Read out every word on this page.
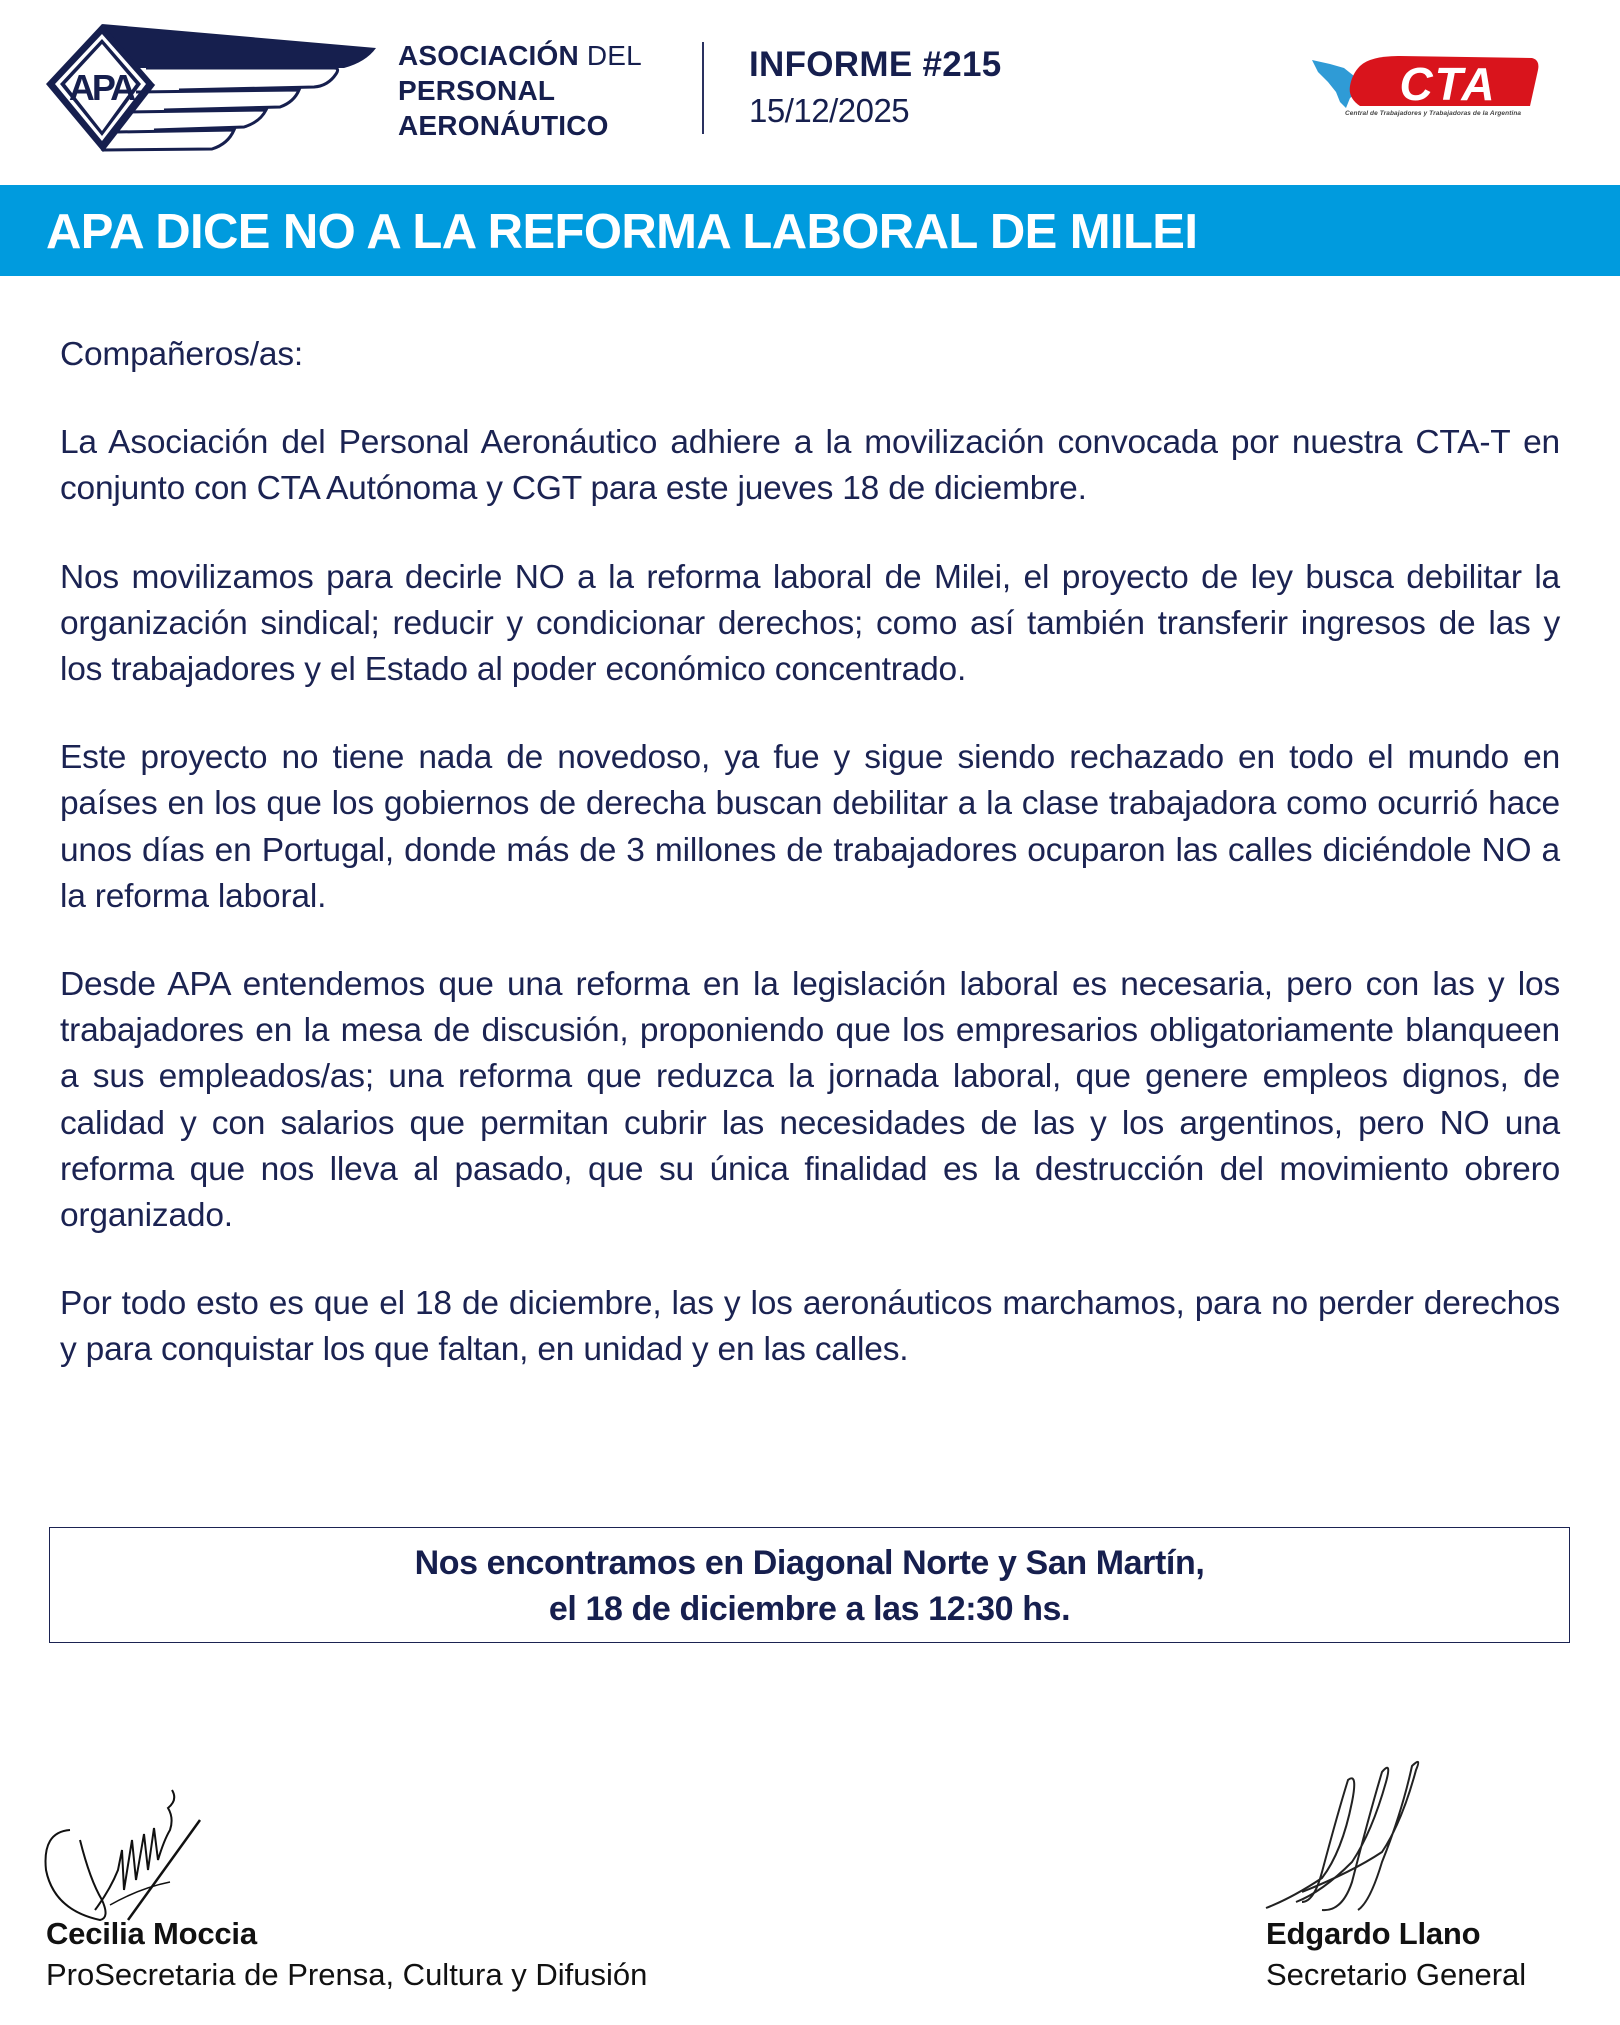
APA
ASOCIACIÓN DEL
PERSONAL
AERONÁUTICO
INFORME #215
15/12/2025
CTA
Central de Trabajadores y Trabajadoras de la Argentina
APA DICE NO A LA REFORMA LABORAL DE MILEI

Compañeros/as:

La Asociación del Personal Aeronáutico adhiere a la movilización convocada por nuestra CTA-T en conjunto con CTA Autónoma y CGT para este jueves 18 de diciembre.

Nos movilizamos para decirle NO a la reforma laboral de Milei, el proyecto de ley busca debilitar la organización sindical; reducir y condicionar derechos; como así también transferir ingresos de las y los trabajadores y el Estado al poder económico concentrado.

Este proyecto no tiene nada de novedoso, ya fue y sigue siendo rechazado en todo el mundo en países en los que los gobiernos de derecha buscan debilitar a la clase trabajadora como ocurrió hace unos días en Portugal, donde más de 3 millones de trabajadores ocuparon las calles diciéndole NO a la reforma laboral.

Desde APA entendemos que una reforma en la legislación laboral es necesaria, pero con las y los trabajadores en la mesa de discusión, proponiendo que los empresarios obligatoriamente blanqueen a sus empleados/as; una reforma que reduzca la jornada laboral, que genere empleos dignos, de calidad y con salarios que permitan cubrir las necesidades de las y los argentinos, pero NO una reforma que nos lleva al pasado, que su única finalidad es la destrucción del movimiento obrero organizado.

Por todo esto es que el 18 de diciembre, las y los aeronáuticos marchamos, para no perder derechos y para conquistar los que faltan, en unidad y en las calles.

Nos encontramos en Diagonal Norte y San Martín,
el 18 de diciembre a las 12:30 hs.
Cecilia Moccia
ProSecretaria de Prensa, Cultura y Difusión
Edgardo Llano
Secretario General
